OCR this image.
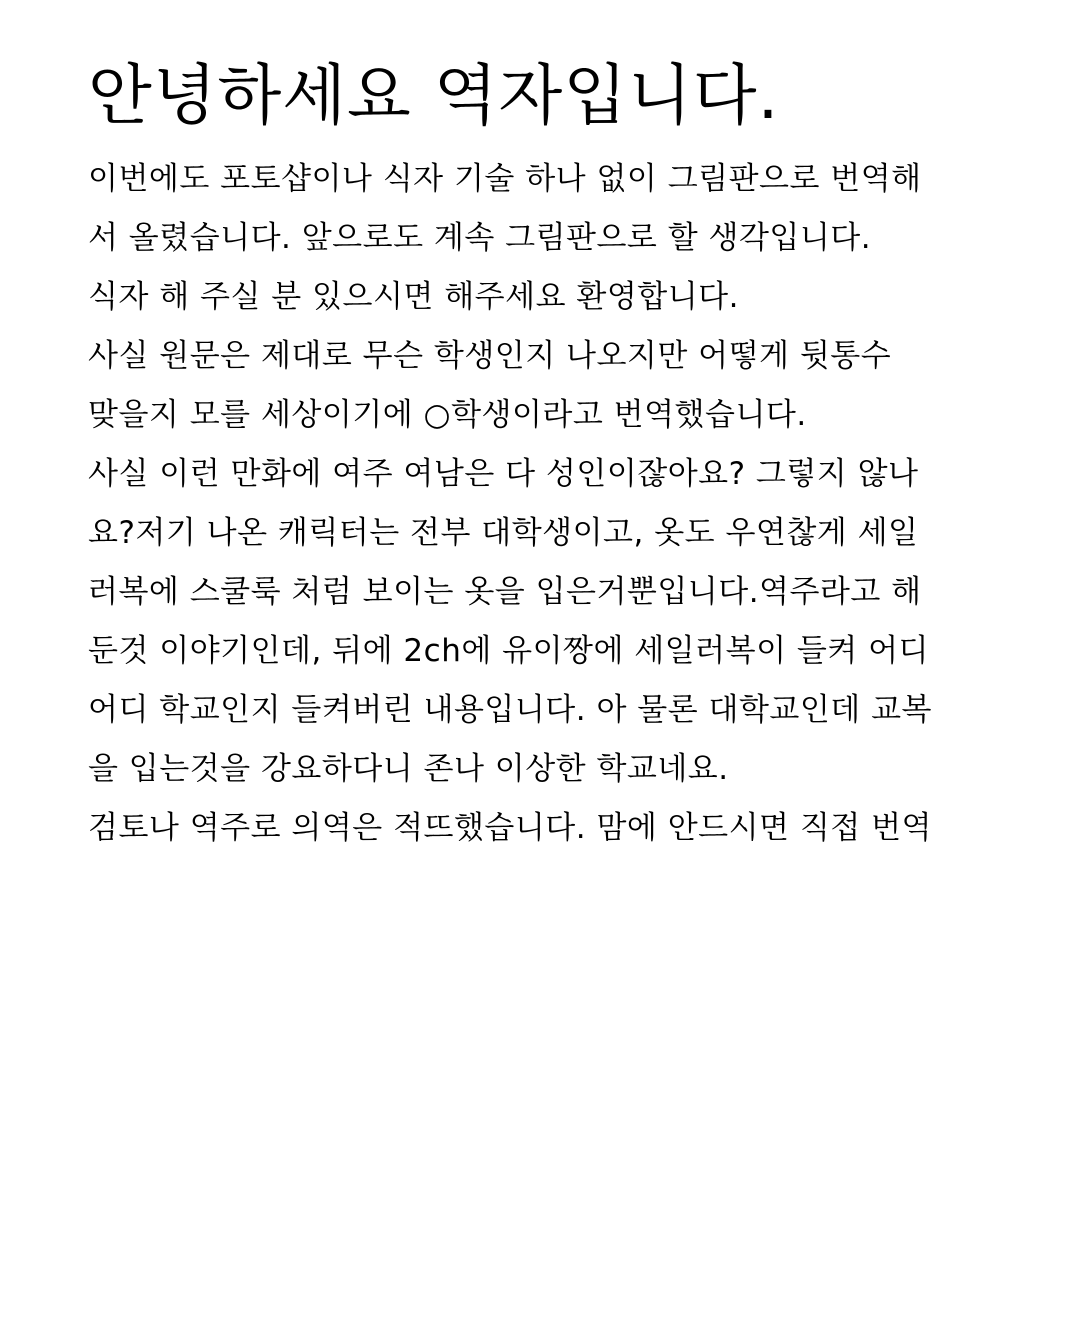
안녕하세요 역자입니다.

이번에도 포토샵이나 식자 기술 하나 없이 그림판으로 번역해

서 올렸습니다. 앞으로도 계속 그림판으로 할 생각입니다.

식자 해 주실 분 있으시면 해주세요 환영합니다.

사실 원문은 제대로 무슨 학생인지 나오지만 어떻게 뒷통수

맞을지 모를 세상이기에 ○학생이라고 번역했습니다.

사실 이런 만화에 여주 여남은 다 성인이잖아요? 그렇지 않나

요?저기 나온 캐릭터는 전부 대학생이고, 옷도 우연찮게 세일

러복에 스쿨룩 처럼 보이는 옷을 입은거뿐입니다.역주라고 해

둔것 이야기인데, 뒤에 2ch에 유이짱에 세일러복이 들켜 어디

어디 학교인지 들켜버린 내용입니다. 아 물론 대학교인데 교복

을 입는것을 강요하다니 존나 이상한 학교네요.

검토나 역주로 의역은 적뜨했습니다. 맘에 안드시면 직접 번역
